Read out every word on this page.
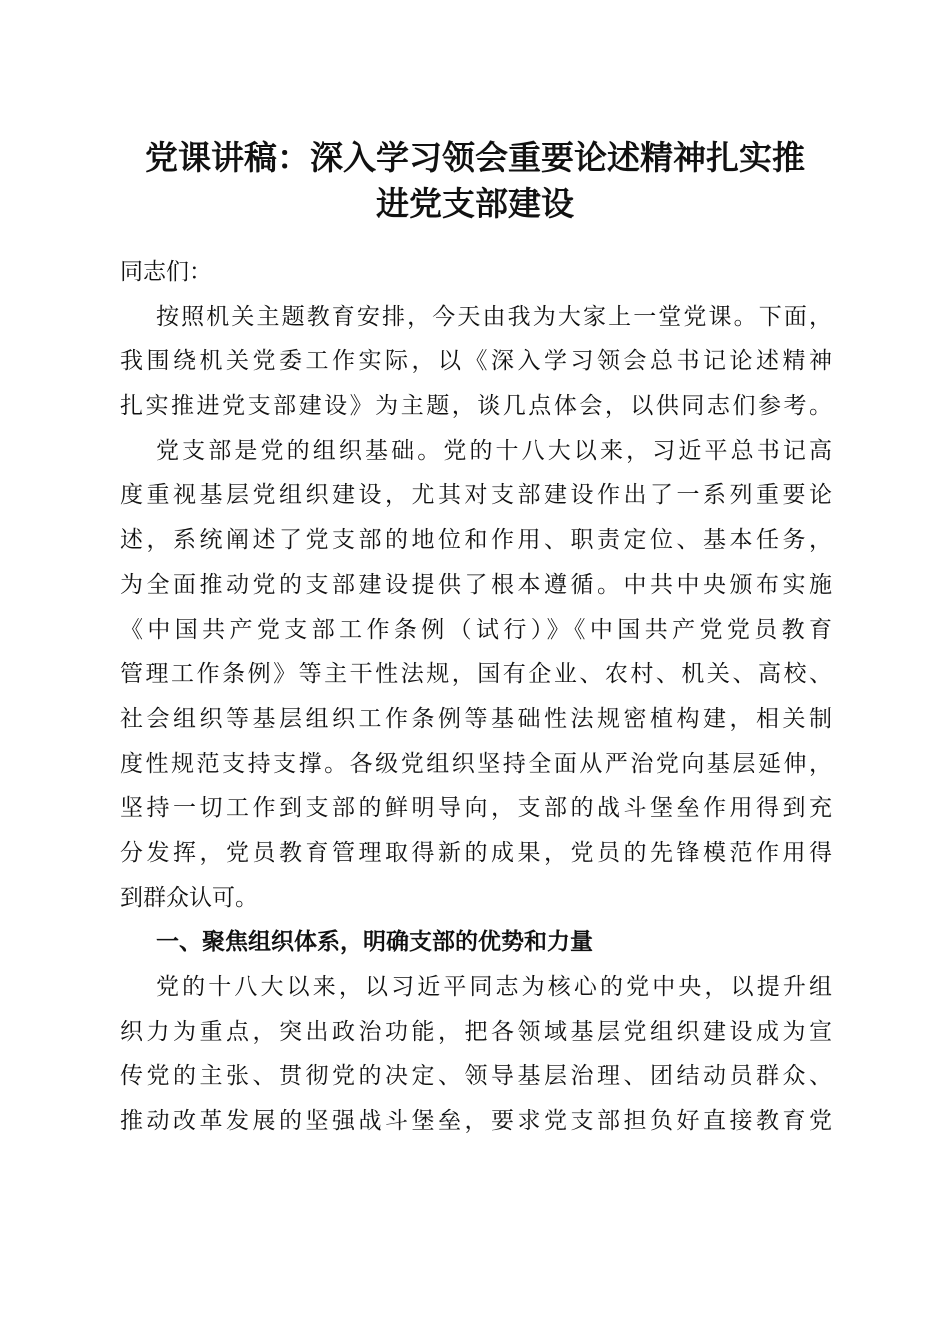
党课讲稿：深入学习领会重要论述精神扎实推
进党支部建设
同志们：
按照机关主题教育安排，今天由我为大家上一堂党课。下面，
我围绕机关党委工作实际，以《深入学习领会总书记论述精神
扎实推进党支部建设》为主题，谈几点体会，以供同志们参考。
党支部是党的组织基础。党的十八大以来，习近平总书记高
度重视基层党组织建设，尤其对支部建设作出了一系列重要论
述，系统阐述了党支部的地位和作用、职责定位、基本任务，
为全面推动党的支部建设提供了根本遵循。中共中央颁布实施
《中国共产党支部工作条例（试行）》《中国共产党党员教育
管理工作条例》等主干性法规，国有企业、农村、机关、高校、
社会组织等基层组织工作条例等基础性法规密植构建，相关制
度性规范支持支撑。各级党组织坚持全面从严治党向基层延伸，
坚持一切工作到支部的鲜明导向，支部的战斗堡垒作用得到充
分发挥，党员教育管理取得新的成果，党员的先锋模范作用得
到群众认可。
一、聚焦组织体系，明确支部的优势和力量
党的十八大以来，以习近平同志为核心的党中央，以提升组
织力为重点，突出政治功能，把各领域基层党组织建设成为宣
传党的主张、贯彻党的决定、领导基层治理、团结动员群众、
推动改革发展的坚强战斗堡垒，要求党支部担负好直接教育党
